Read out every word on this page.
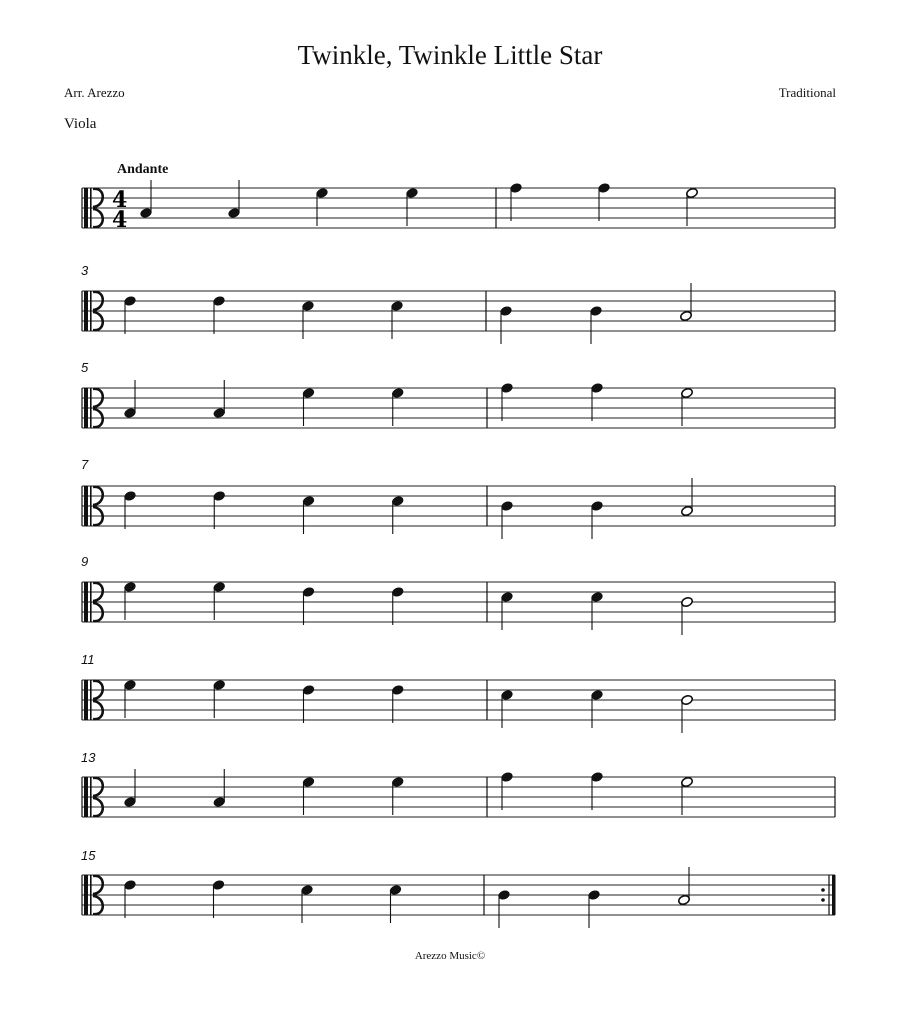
Twinkle, Twinkle Little Star
Arr. Arezzo	Traditional
Viola
Andante
3
5
7
9
11
13
15
4
4
Arezzo Music©
